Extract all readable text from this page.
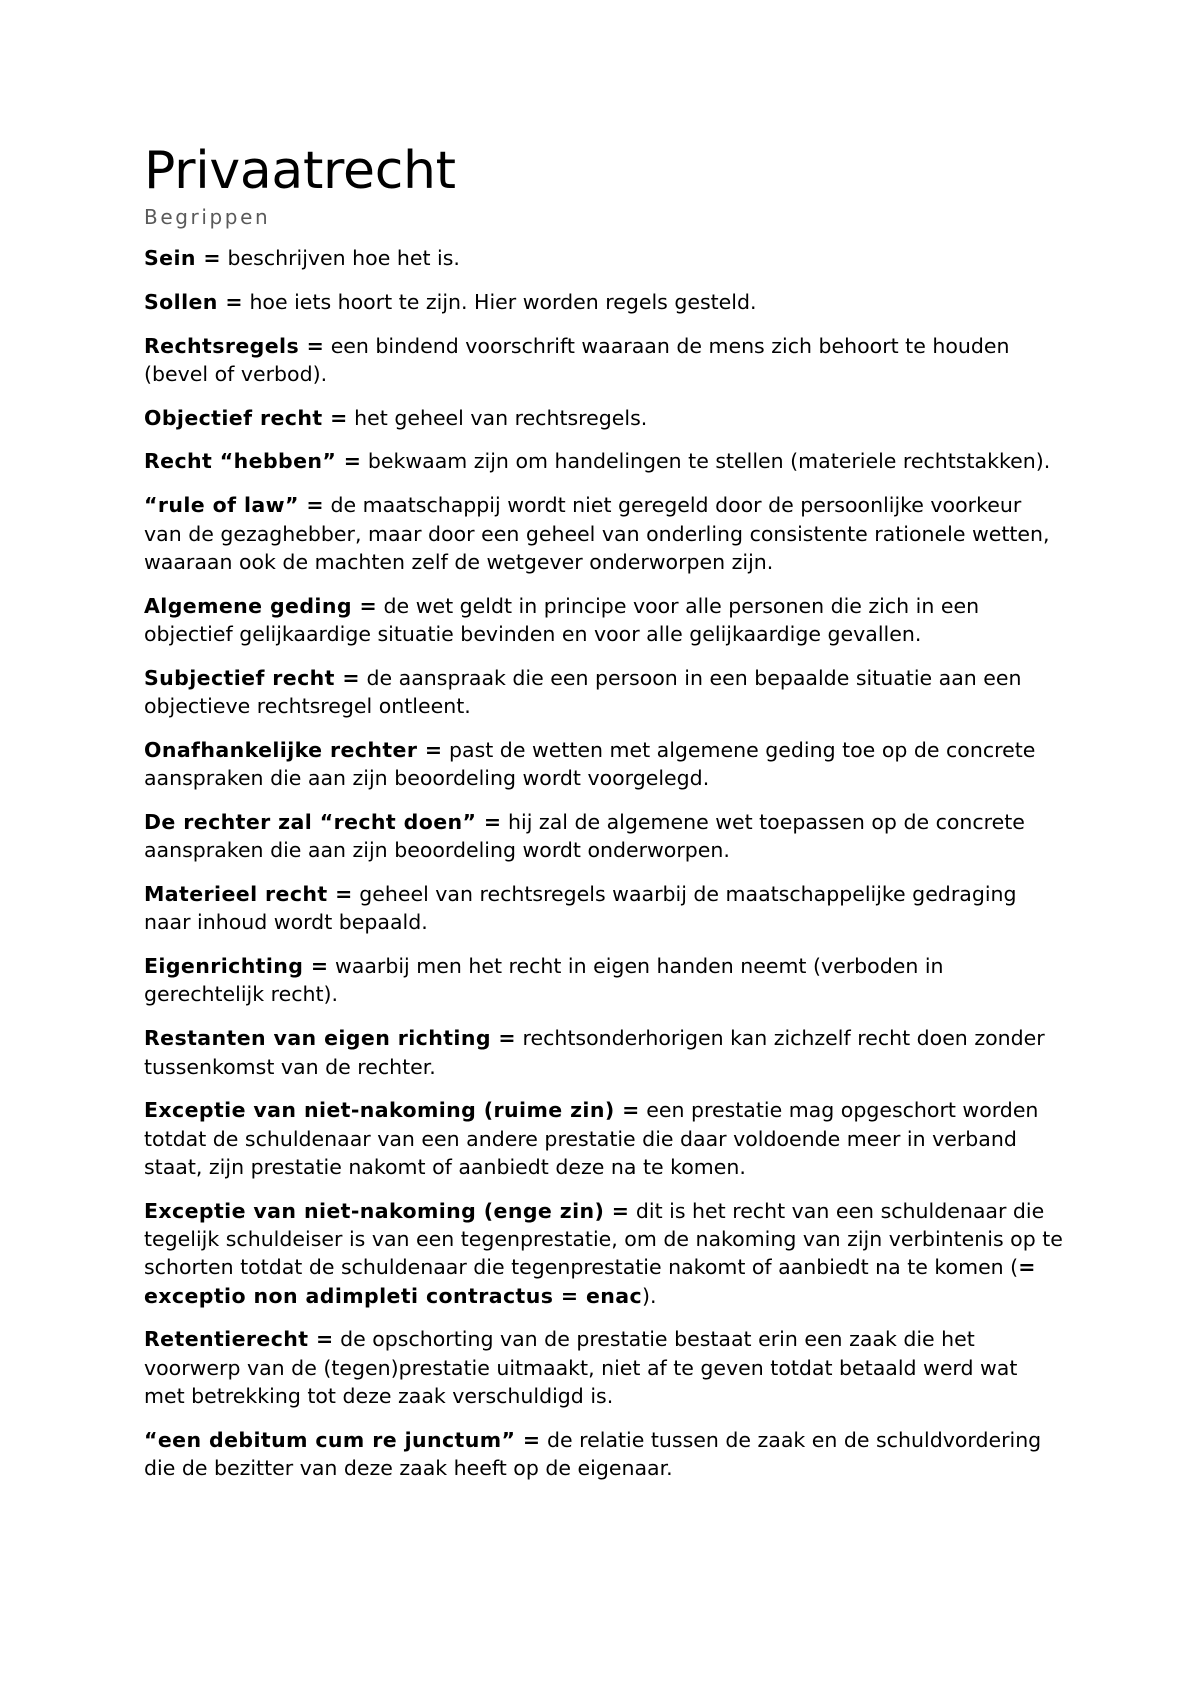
Privaatrecht
Begrippen

Sein = beschrijven hoe het is.

Sollen = hoe iets hoort te zijn. Hier worden regels gesteld.

Rechtsregels = een bindend voorschrift waaraan de mens zich behoort te houden (bevel of verbod).

Objectief recht = het geheel van rechtsregels.

Recht “hebben” = bekwaam zijn om handelingen te stellen (materiele rechtstakken).

“rule of law” = de maatschappij wordt niet geregeld door de persoonlijke voorkeur van de gezaghebber, maar door een geheel van onderling consistente rationele wetten, waaraan ook de machten zelf de wetgever onderworpen zijn.

Algemene geding = de wet geldt in principe voor alle personen die zich in een objectief gelijkaardige situatie bevinden en voor alle gelijkaardige gevallen.

Subjectief recht = de aanspraak die een persoon in een bepaalde situatie aan een objectieve rechtsregel ontleent.

Onafhankelijke rechter = past de wetten met algemene geding toe op de concrete aanspraken die aan zijn beoordeling wordt voorgelegd.

De rechter zal “recht doen” = hij zal de algemene wet toepassen op de concrete aanspraken die aan zijn beoordeling wordt onderworpen.

Materieel recht = geheel van rechtsregels waarbij de maatschappelijke gedraging naar inhoud wordt bepaald.

Eigenrichting = waarbij men het recht in eigen handen neemt (verboden in gerechtelijk recht).

Restanten van eigen richting = rechtsonderhorigen kan zichzelf recht doen zonder tussenkomst van de rechter.

Exceptie van niet-nakoming (ruime zin) = een prestatie mag opgeschort worden totdat de schuldenaar van een andere prestatie die daar voldoende meer in verband staat, zijn prestatie nakomt of aanbiedt deze na te komen.

Exceptie van niet-nakoming (enge zin) = dit is het recht van een schuldenaar die tegelijk schuldeiser is van een tegenprestatie, om de nakoming van zijn verbintenis op te schorten totdat de schuldenaar die tegenprestatie nakomt of aanbiedt na te komen (= exceptio non adimpleti contractus = enac).

Retentierecht = de opschorting van de prestatie bestaat erin een zaak die het voorwerp van de (tegen)prestatie uitmaakt, niet af te geven totdat betaald werd wat met betrekking tot deze zaak verschuldigd is.

“een debitum cum re junctum” = de relatie tussen de zaak en de schuldvordering die de bezitter van deze zaak heeft op de eigenaar.
